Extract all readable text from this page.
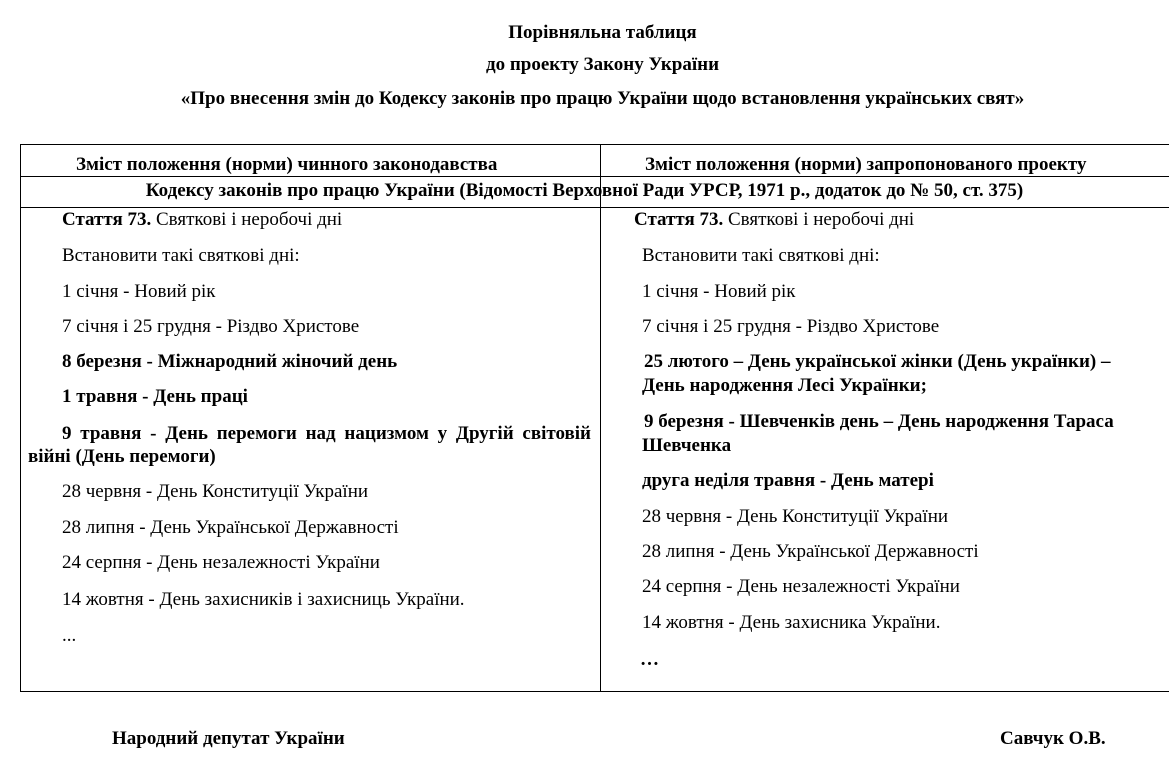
Порівняльна таблиця
до проекту Закону України
«Про внесення змін до Кодексу законів про працю України щодо встановлення українських свят»
Зміст положення (норми) чинного законодавства	Зміст положення (норми) запропонованого проекту
Кодексу законів про працю України (Відомості Верховної Ради УРСР, 1971 р., додаток до № 50, ст. 375)
Стаття 73. Святкові і неробочі дні
Встановити такі святкові дні:
1 січня - Новий рік
7 січня і 25 грудня - Різдво Христове
8 березня - Міжнародний жіночий день
1 травня - День праці
9 травня - День перемоги над нацизмом у Другій світовій війні (День перемоги)
28 червня - День Конституції України
28 липня - День Української Державності
24 серпня - День незалежності України
14 жовтня - День захисників і захисниць України.
...
Стаття 73. Святкові і неробочі дні
Встановити такі святкові дні:
1 січня - Новий рік
7 січня і 25 грудня - Різдво Христове
25 лютого – День української жінки (День українки) –
День народження Лесі Українки;
9 березня - Шевченків день – День народження Тараса
Шевченка
друга неділя травня - День матері
28 червня - День Конституції України
28 липня - День Української Державності
24 серпня - День незалежності України
14 жовтня - День захисника України.
…
Народний депутат України	Савчук О.В.
